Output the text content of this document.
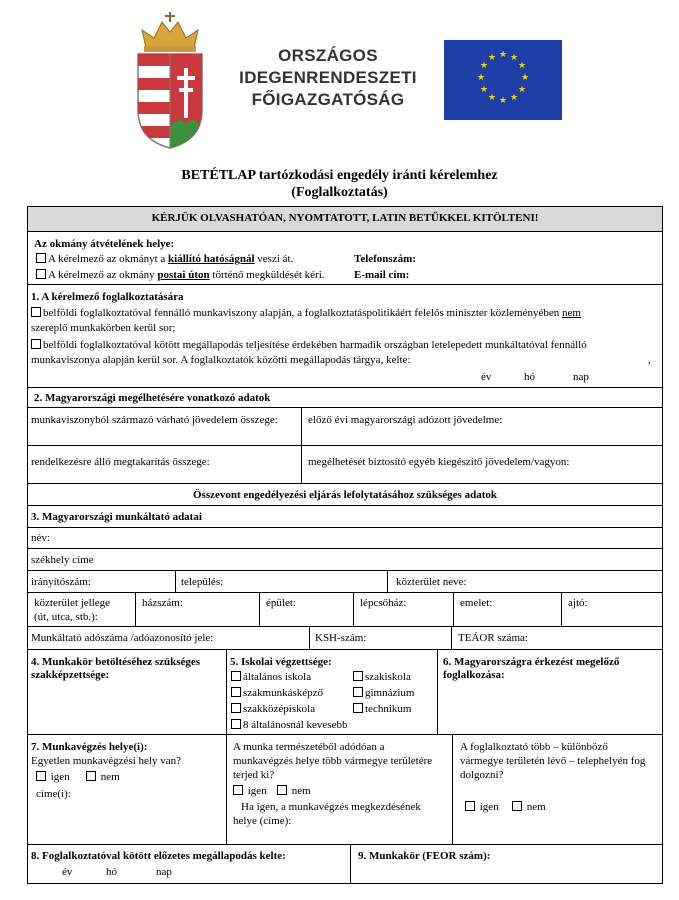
ORSZÁGOS
IDEGENRENDESZETI
FŐIGAZGATÓSÁG
★ ★
★
★
★
★
★
★
★
★
★
★
BETÉTLAP tartózkodási engedély iránti kérelemhez
(Foglalkoztatás)
KÉRJÜK OLVASHATÓAN, NYOMTATOTT, LATIN BETŰKKEL KITÖLTENI!
Az okmány átvételének helye:
A kérelmező az okmányt a kiállító hatóságnál veszi át.	Telefonszám:
A kérelmező az okmány postai úton történő megküldését kéri.	E-mail cím:
1. A kérelmező foglalkoztatására
belföldi foglalkoztatóval fennálló munkaviszony alapján, a foglalkoztatáspolitikáért felelős miniszter közleményében nem
szereplő munkakörben kerül sor;
belföldi foglalkoztatóval kötött megállapodás teljesítése érdekében harmadik országban letelepedett munkáltatóval fennálló
munkaviszonya alapján kerül sor. A foglalkoztatók közötti megállapodás tárgya, kelte:	,
év	hó	nap
2. Magyarországi megélhetésére vonatkozó adatok
munkaviszonyból származó várható jövedelem összege:	előző évi magyarországi adózott jövedelme:
rendelkezésre álló megtakarítás összege:	megélhetését biztosító egyéb kiegészítő jövedelem/vagyon:
Összevont engedélyezési eljárás lefolytatásához szükséges adatok
3. Magyarországi munkáltató adatai
név:
székhely címe
irányítószám:	település:	közterület neve:
közterület jellege
(út, utca, stb.):
házszám:	épület:	lépcsőház:	emelet:	ajtó:
Munkáltató adószáma /adóazonosító jele:	KSH-szám:	TEÁOR száma:
4. Munkakör betöltéséhez szükséges
szakképzettsége:
5. Iskolai végzettsége:
általános iskola	szakiskola
szakmunkásképző	gimnázium
szakközépiskola	technikum
8 általánosnál kevesebb
6. Magyarországra érkezést megelőző
foglalkozása:
7. Munkavégzés helye(i):
Egyetlen munkavégzési hely van?
igen	nem
címe(i):
A munka természetéből adódóan a
munkavégzés helye több vármegye területére
terjed ki?
igen	nem
Ha igen, a munkavégzés megkezdésének
helye (címe):
A foglalkoztató több – különböző
vármegye területén lévő – telephelyén fog
dolgozni?
igen	nem
8. Foglalkoztatóval kötött előzetes megállapodás kelte:
év	hó	nap
9. Munkakör (FEOR szám):
